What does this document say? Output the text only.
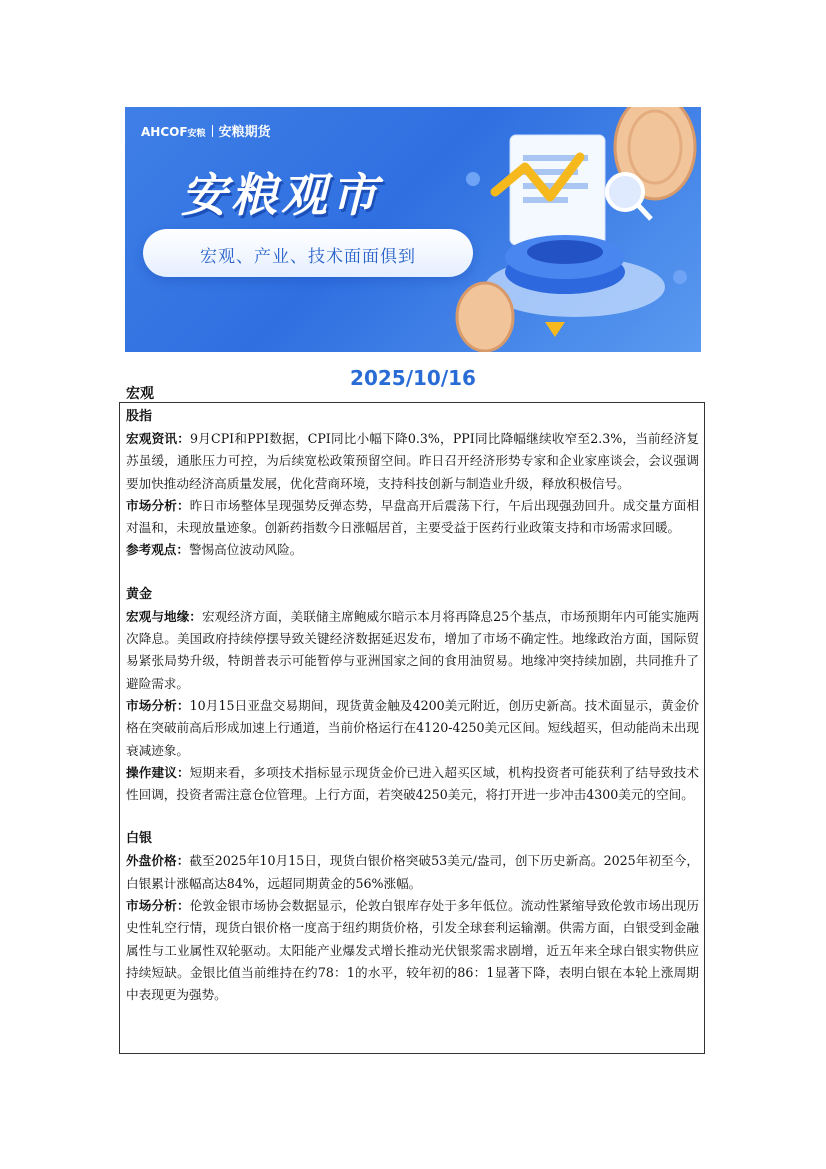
AHCOF安粮 安粮期货
安粮观市
宏观、产业、技术面面俱到
2025/10/16
宏观
股指

宏观资讯：9月CPI和PPI数据，CPI同比小幅下降0.3%，PPI同比降幅继续收窄至2.3%，当前经济复苏虽缓，通胀压力可控，为后续宽松政策预留空间。昨日召开经济形势专家和企业家座谈会，会议强调要加快推动经济高质量发展，优化营商环境，支持科技创新与制造业升级，释放积极信号。

市场分析：昨日市场整体呈现强势反弹态势，早盘高开后震荡下行，午后出现强劲回升。成交量方面相对温和，未现放量迹象。创新药指数今日涨幅居首，主要受益于医药行业政策支持和市场需求回暖。

参考观点：警惕高位波动风险。

黄金

宏观与地缘：宏观经济方面，美联储主席鲍威尔暗示本月将再降息25个基点，市场预期年内可能实施两次降息。美国政府持续停摆导致关键经济数据延迟发布，增加了市场不确定性。地缘政治方面，国际贸易紧张局势升级，特朗普表示可能暂停与亚洲国家之间的食用油贸易。地缘冲突持续加剧，共同推升了避险需求。

市场分析：10月15日亚盘交易期间，现货黄金触及4200美元附近，创历史新高。技术面显示，黄金价格在突破前高后形成加速上行通道，当前价格运行在4120-4250美元区间。短线超买，但动能尚未出现衰减迹象。

操作建议：短期来看，多项技术指标显示现货金价已进入超买区域，机构投资者可能获利了结导致技术性回调，投资者需注意仓位管理。上行方面，若突破4250美元，将打开进一步冲击4300美元的空间。

白银

外盘价格：截至2025年10月15日，现货白银价格突破53美元/盎司，创下历史新高。2025年初至今，白银累计涨幅高达84%，远超同期黄金的56%涨幅。

市场分析：伦敦金银市场协会数据显示，伦敦白银库存处于多年低位。流动性紧缩导致伦敦市场出现历史性轧空行情，现货白银价格一度高于纽约期货价格，引发全球套利运输潮。供需方面，白银受到金融属性与工业属性双轮驱动。太阳能产业爆发式增长推动光伏银浆需求剧增，近五年来全球白银实物供应持续短缺。金银比值当前维持在约78：1的水平，较年初的86：1显著下降，表明白银在本轮上涨周期中表现更为强势。
